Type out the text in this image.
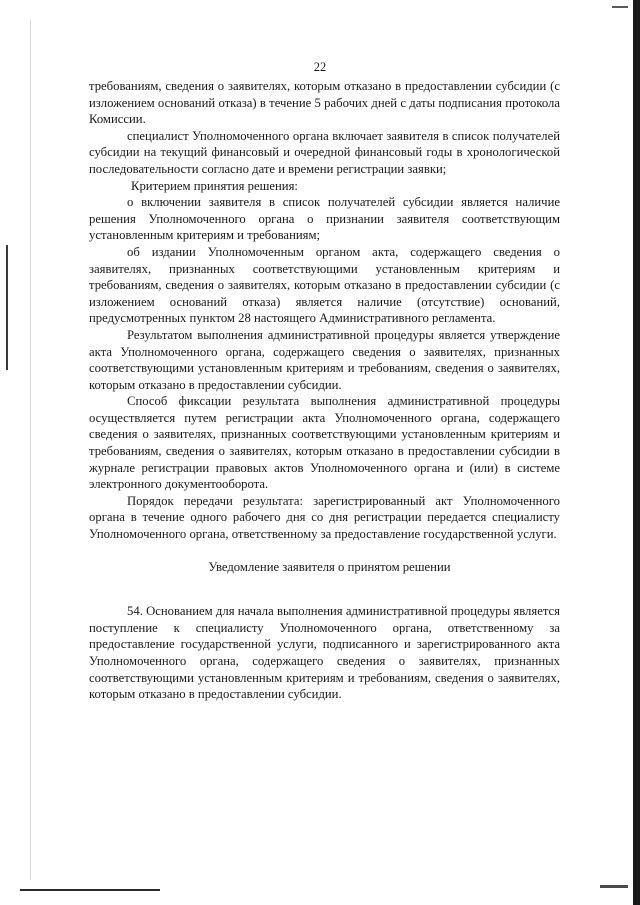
22

требованиям, сведения о заявителях, которым отказано в предоставлении субсидии (с изложением оснований отказа) в течение 5 рабочих дней с даты подписания протокола Комиссии.

специалист Уполномоченного органа включает заявителя в список получателей субсидии на текущий финансовый и очередной финансовый годы в хронологической последовательности согласно дате и времени регистрации заявки;

Критерием принятия решения:

о включении заявителя в список получателей субсидии является наличие решения Уполномоченного органа о признании заявителя соответствующим установленным критериям и требованиям;

об издании Уполномоченным органом акта, содержащего сведения о заявителях, признанных соответствующими установленным критериям и требованиям, сведения о заявителях, которым отказано в предоставлении субсидии (с изложением оснований отказа) является наличие (отсутствие) оснований, предусмотренных пунктом 28 настоящего Административного регламента.

Результатом выполнения административной процедуры является утверждение акта Уполномоченного органа, содержащего сведения о заявителях, признанных соответствующими установленным критериям и требованиям, сведения о заявителях, которым отказано в предоставлении субсидии.

Способ фиксации результата выполнения административной процедуры осуществляется путем регистрации акта Уполномоченного органа, содержащего сведения о заявителях, признанных соответствующими установленным критериям и требованиям, сведения о заявителях, которым отказано в предоставлении субсидии в журнале регистрации правовых актов Уполномоченного органа и (или) в системе электронного документооборота.

Порядок передачи результата: зарегистрированный акт Уполномоченного органа в течение одного рабочего дня со дня регистрации передается специалисту Уполномоченного органа, ответственному за предоставление государственной услуги.

Уведомление заявителя о принятом решении

54. Основанием для начала выполнения административной процедуры является поступление к специалисту Уполномоченного органа, ответственному за предоставление государственной услуги, подписанного и зарегистрированного акта Уполномоченного органа, содержащего сведения о заявителях, признанных соответствующими установленным критериям и требованиям, сведения о заявителях, которым отказано в предоставлении субсидии.
